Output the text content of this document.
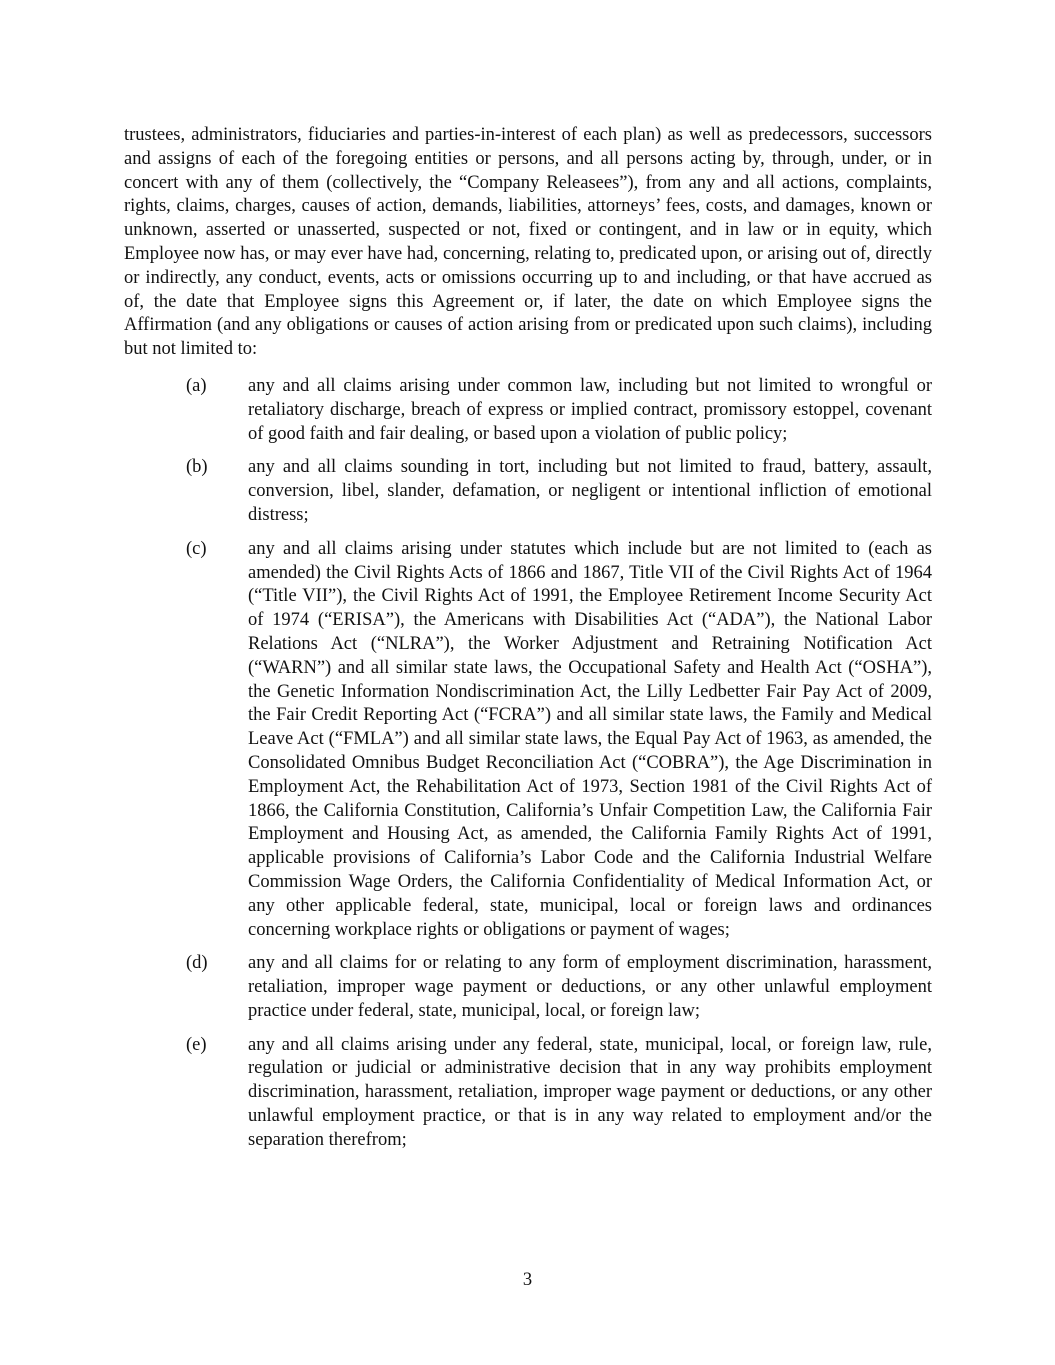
trustees, administrators, fiduciaries and parties-in-interest of each plan) as well as predecessors, successors and assigns of each of the foregoing entities or persons, and all persons acting by, through, under, or in concert with any of them (collectively, the “Company Releasees”), from any and all actions, complaints, rights, claims, charges, causes of action, demands, liabilities, attorneys’ fees, costs, and damages, known or unknown, asserted or unasserted, suspected or not, fixed or contingent, and in law or in equity, which Employee now has, or may ever have had, concerning, relating to, predicated upon, or arising out of, directly or indirectly, any conduct, events, acts or omissions occurring up to and including, or that have accrued as of, the date that Employee signs this Agreement or, if later, the date on which Employee signs the Affirmation (and any obligations or causes of action arising from or predicated upon such claims), including but not limited to:

(a)	any and all claims arising under common law, including but not limited to wrongful or retaliatory discharge, breach of express or implied contract, promissory estoppel, covenant of good faith and fair dealing, or based upon a violation of public policy;
(b)	any and all claims sounding in tort, including but not limited to fraud, battery, assault, conversion, libel, slander, defamation, or negligent or intentional infliction of emotional distress;
(c)	any and all claims arising under statutes which include but are not limited to (each as amended) the Civil Rights Acts of 1866 and 1867, Title VII of the Civil Rights Act of 1964 (“Title VII”), the Civil Rights Act of 1991, the Employee Retirement Income Security Act of 1974 (“ERISA”), the Americans with Disabilities Act (“ADA”), the National Labor Relations Act (“NLRA”), the Worker Adjustment and Retraining Notification Act (“WARN”) and all similar state laws, the Occupational Safety and Health Act (“OSHA”), the Genetic Information Nondiscrimination Act, the Lilly Ledbetter Fair Pay Act of 2009, the Fair Credit Reporting Act (“FCRA”) and all similar state laws, the Family and Medical Leave Act (“FMLA”) and all similar state laws, the Equal Pay Act of 1963, as amended, the Consolidated Omnibus Budget Reconciliation Act (“COBRA”), the Age Discrimination in Employment Act, the Rehabilitation Act of 1973, Section 1981 of the Civil Rights Act of 1866, the California Constitution, California’s Unfair Competition Law, the California Fair Employment and Housing Act, as amended, the California Family Rights Act of 1991, applicable provisions of California’s Labor Code and the California Industrial Welfare Commission Wage Orders, the California Confidentiality of Medical Information Act, or any other applicable federal, state, municipal, local or foreign laws and ordinances concerning workplace rights or obligations or payment of wages;
(d)	any and all claims for or relating to any form of employment discrimination, harassment, retaliation, improper wage payment or deductions, or any other unlawful employment practice under federal, state, municipal, local, or foreign law;
(e)	any and all claims arising under any federal, state, municipal, local, or foreign law, rule, regulation or judicial or administrative decision that in any way prohibits employment discrimination, harassment, retaliation, improper wage payment or deductions, or any other unlawful employment practice, or that is in any way related to employment and/or the separation therefrom;
3
